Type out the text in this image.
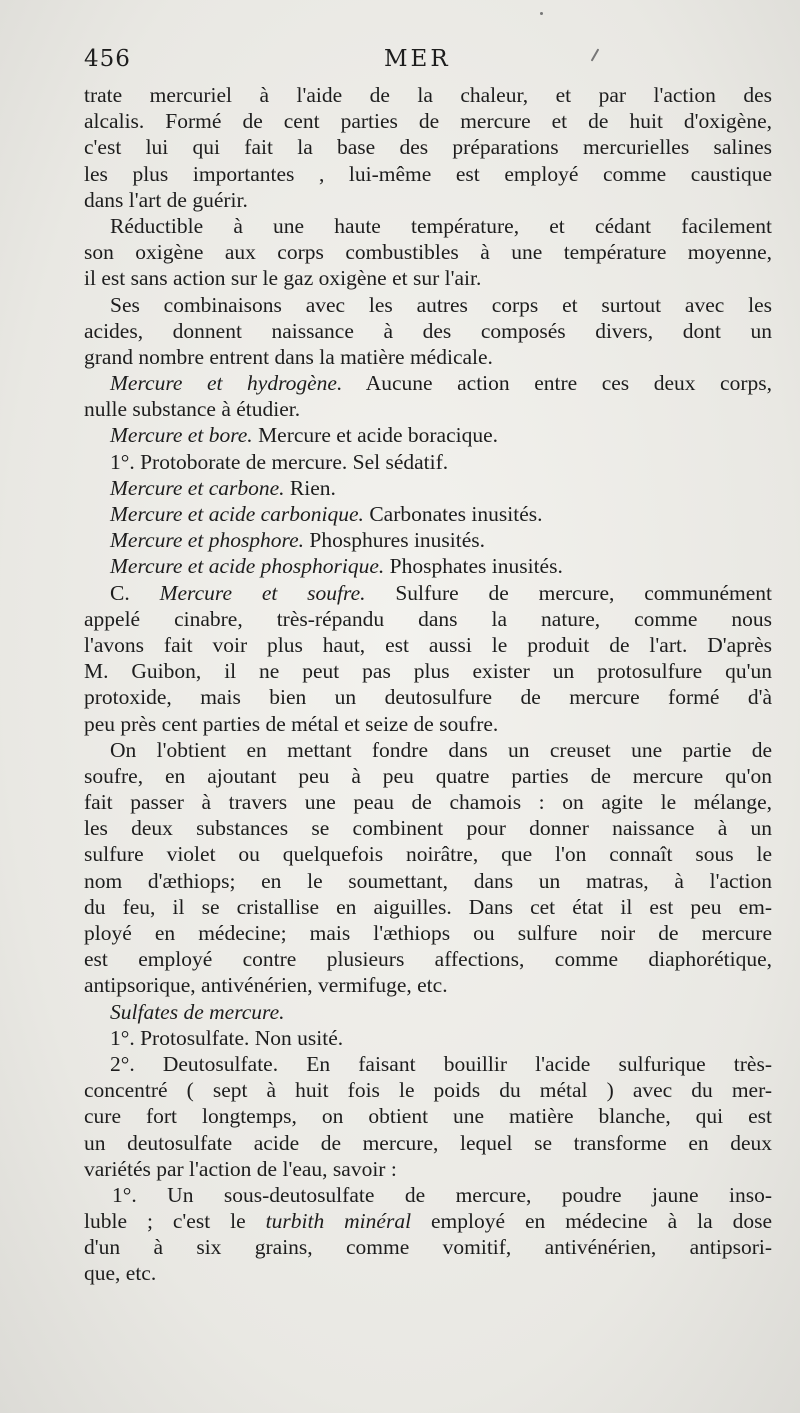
456	MER
trate mercuriel à l'aide de la chaleur, et par l'action des
alcalis. Formé de cent parties de mercure et de huit d'oxigène,
c'est lui qui fait la base des préparations mercurielles salines
les plus importantes , lui-même est employé comme caustique
dans l'art de guérir.
Réductible à une haute température, et cédant facilement
son oxigène aux corps combustibles à une température moyenne,
il est sans action sur le gaz oxigène et sur l'air.
Ses combinaisons avec les autres corps et surtout avec les
acides, donnent naissance à des composés divers, dont un
grand nombre entrent dans la matière médicale.
Mercure et hydrogène. Aucune action entre ces deux corps,
nulle substance à étudier.
Mercure et bore. Mercure et acide boracique.
1°. Protoborate de mercure. Sel sédatif.
Mercure et carbone. Rien.
Mercure et acide carbonique. Carbonates inusités.
Mercure et phosphore. Phosphures inusités.
Mercure et acide phosphorique. Phosphates inusités.
C. Mercure et soufre. Sulfure de mercure, communément
appelé cinabre, très-répandu dans la nature, comme nous
l'avons fait voir plus haut, est aussi le produit de l'art. D'après
M. Guibon, il ne peut pas plus exister un protosulfure qu'un
protoxide, mais bien un deutosulfure de mercure formé d'à
peu près cent parties de métal et seize de soufre.
On l'obtient en mettant fondre dans un creuset une partie de
soufre, en ajoutant peu à peu quatre parties de mercure qu'on
fait passer à travers une peau de chamois : on agite le mélange,
les deux substances se combinent pour donner naissance à un
sulfure violet ou quelquefois noirâtre, que l'on connaît sous le
nom d'æthiops; en le soumettant, dans un matras, à l'action
du feu, il se cristallise en aiguilles. Dans cet état il est peu em-
ployé en médecine; mais l'æthiops ou sulfure noir de mercure
est employé contre plusieurs affections, comme diaphorétique,
antipsorique, antivénérien, vermifuge, etc.
Sulfates de mercure.
1°. Protosulfate. Non usité.
2°. Deutosulfate. En faisant bouillir l'acide sulfurique très-
concentré ( sept à huit fois le poids du métal ) avec du mer-
cure fort longtemps, on obtient une matière blanche, qui est
un deutosulfate acide de mercure, lequel se transforme en deux
variétés par l'action de l'eau, savoir :
1°. Un sous-deutosulfate de mercure, poudre jaune inso-
luble ; c'est le turbith minéral employé en médecine à la dose
d'un à six grains, comme vomitif, antivénérien, antipsori-
que, etc.
